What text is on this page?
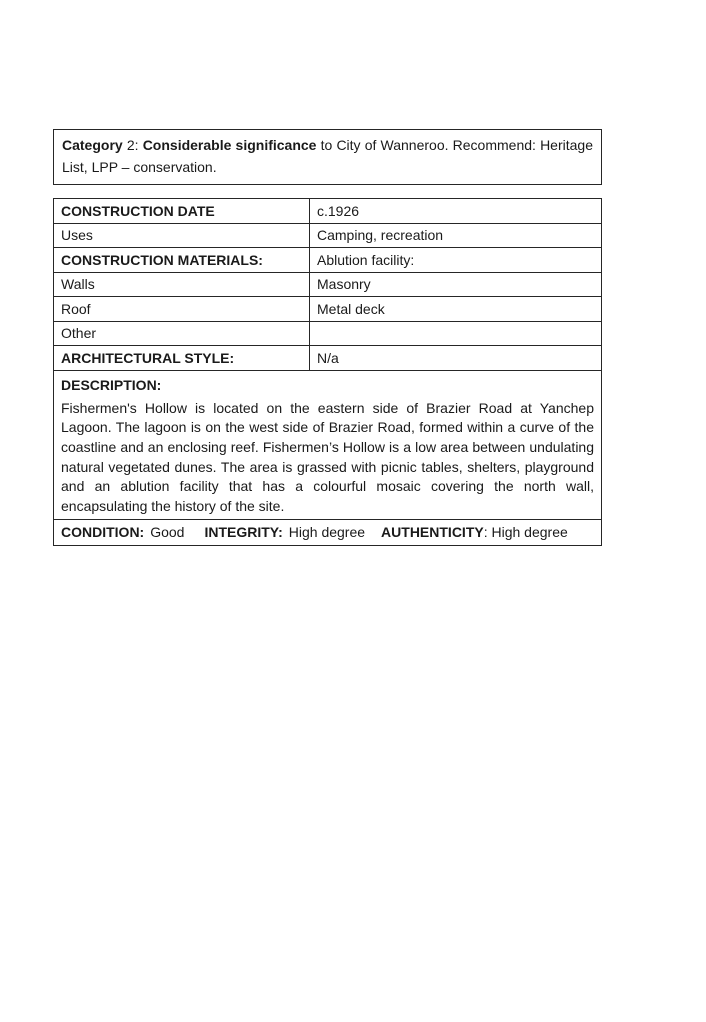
Category 2: Considerable significance to City of Wanneroo. Recommend: Heritage List, LPP – conservation.
CONSTRUCTION DATE	c.1926
Uses	Camping, recreation
CONSTRUCTION MATERIALS:	Ablution facility:
Walls	Masonry
Roof	Metal deck
Other	
ARCHITECTURAL STYLE:	N/a

DESCRIPTION:

Fishermen's Hollow is located on the eastern side of Brazier Road at Yanchep Lagoon. The lagoon is on the west side of Brazier Road, formed within a curve of the coastline and an enclosing reef. Fishermen’s Hollow is a low area between undulating natural vegetated dunes. The area is grassed with picnic tables, shelters, playground and an ablution facility that has a colourful mosaic covering the north wall, encapsulating the history of the site.	

CONDITION: Good INTEGRITY: High degree AUTHENTICITY: High degree	
